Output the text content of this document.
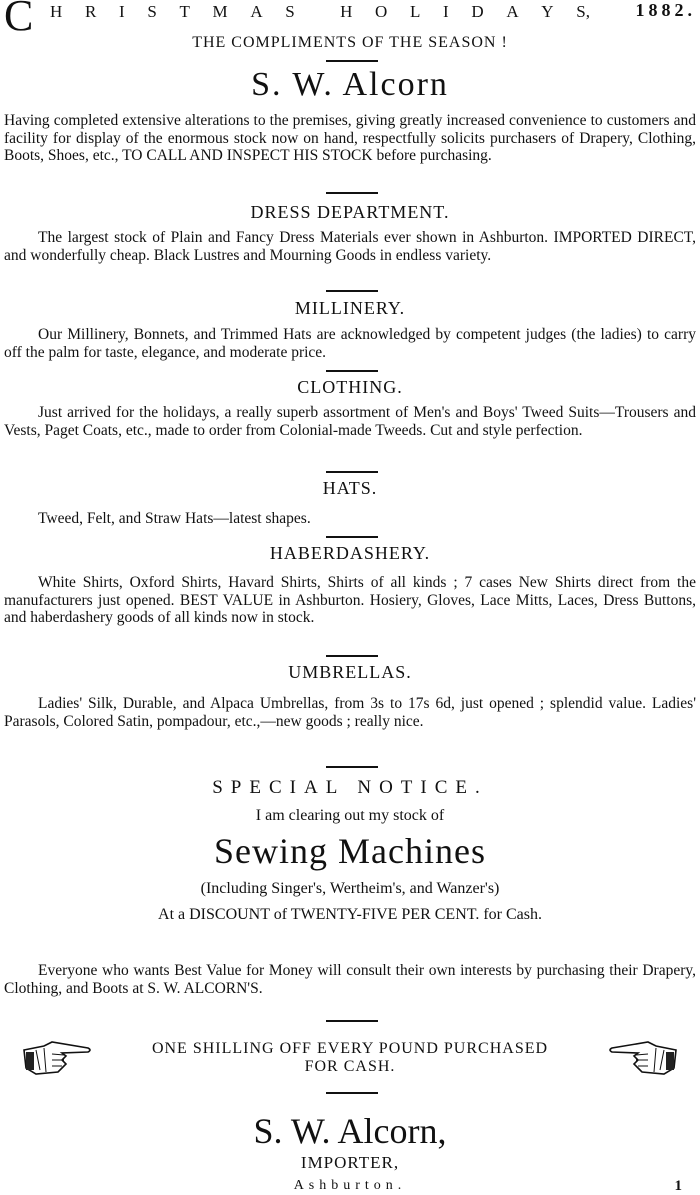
C H R I S T M A S	H O L I D A Y S,	1882.
THE COMPLIMENTS OF THE SEASON !
S. W. Alcorn

Having completed extensive alterations to the premises, giving greatly increased convenience to customers and facility for display of the enormous stock now on hand, respectfully solicits purchasers of Drapery, Clothing, Boots, Shoes, etc., TO CALL AND INSPECT HIS STOCK before purchasing.

DRESS DEPARTMENT.

The largest stock of Plain and Fancy Dress Materials ever shown in Ashburton. IMPORTED DIRECT, and wonderfully cheap. Black Lustres and Mourning Goods in endless variety.

MILLINERY.

Our Millinery, Bonnets, and Trimmed Hats are acknowledged by competent judges (the ladies) to carry off the palm for taste, elegance, and moderate price.

CLOTHING.

Just arrived for the holidays, a really superb assortment of Men's and Boys' Tweed Suits—Trousers and Vests, Paget Coats, etc., made to order from Colonial-made Tweeds. Cut and style perfection.

HATS.

Tweed, Felt, and Straw Hats—latest shapes.

HABERDASHERY.

White Shirts, Oxford Shirts, Havard Shirts, Shirts of all kinds ; 7 cases New Shirts direct from the manufacturers just opened. BEST VALUE in Ashburton. Hosiery, Gloves, Lace Mitts, Laces, Dress Buttons, and haberdashery goods of all kinds now in stock.

UMBRELLAS.

Ladies' Silk, Durable, and Alpaca Umbrellas, from 3s to 17s 6d, just opened ; splendid value. Ladies' Parasols, Colored Satin, pompadour, etc.,—new goods ; really nice.

SPECIAL NOTICE.
I am clearing out my stock of
Sewing Machines
(Including Singer's, Wertheim's, and Wanzer's)
At a DISCOUNT of TWENTY-FIVE PER CENT. for Cash.

Everyone who wants Best Value for Money will consult their own interests by purchasing their Drapery, Clothing, and Boots at S. W. ALCORN'S.

ONE SHILLING OFF EVERY POUND PURCHASED
FOR CASH.
S. W. Alcorn,
IMPORTER,
Ashburton.	1
